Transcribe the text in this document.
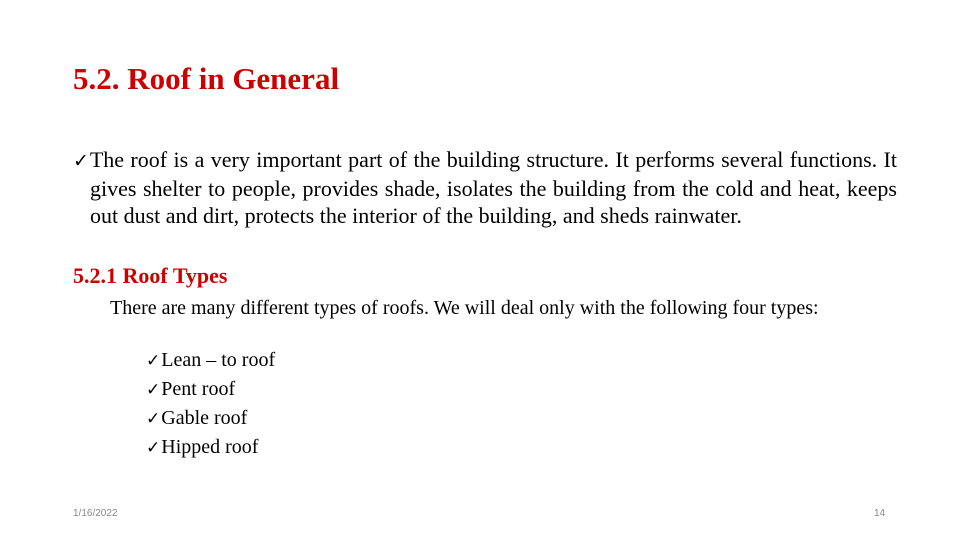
5.2. Roof in General
✓The roof is a very important part of the building structure. It performs several functions. It gives shelter to people, provides shade, isolates the building from the cold and heat, keeps out dust and dirt, protects the interior of the building, and sheds rainwater.
5.2.1 Roof Types
There are many different types of roofs. We will deal only with the following four types:
✓ Lean – to roof
✓ Pent roof
✓ Gable roof
✓ Hipped roof
1/16/2022	14
